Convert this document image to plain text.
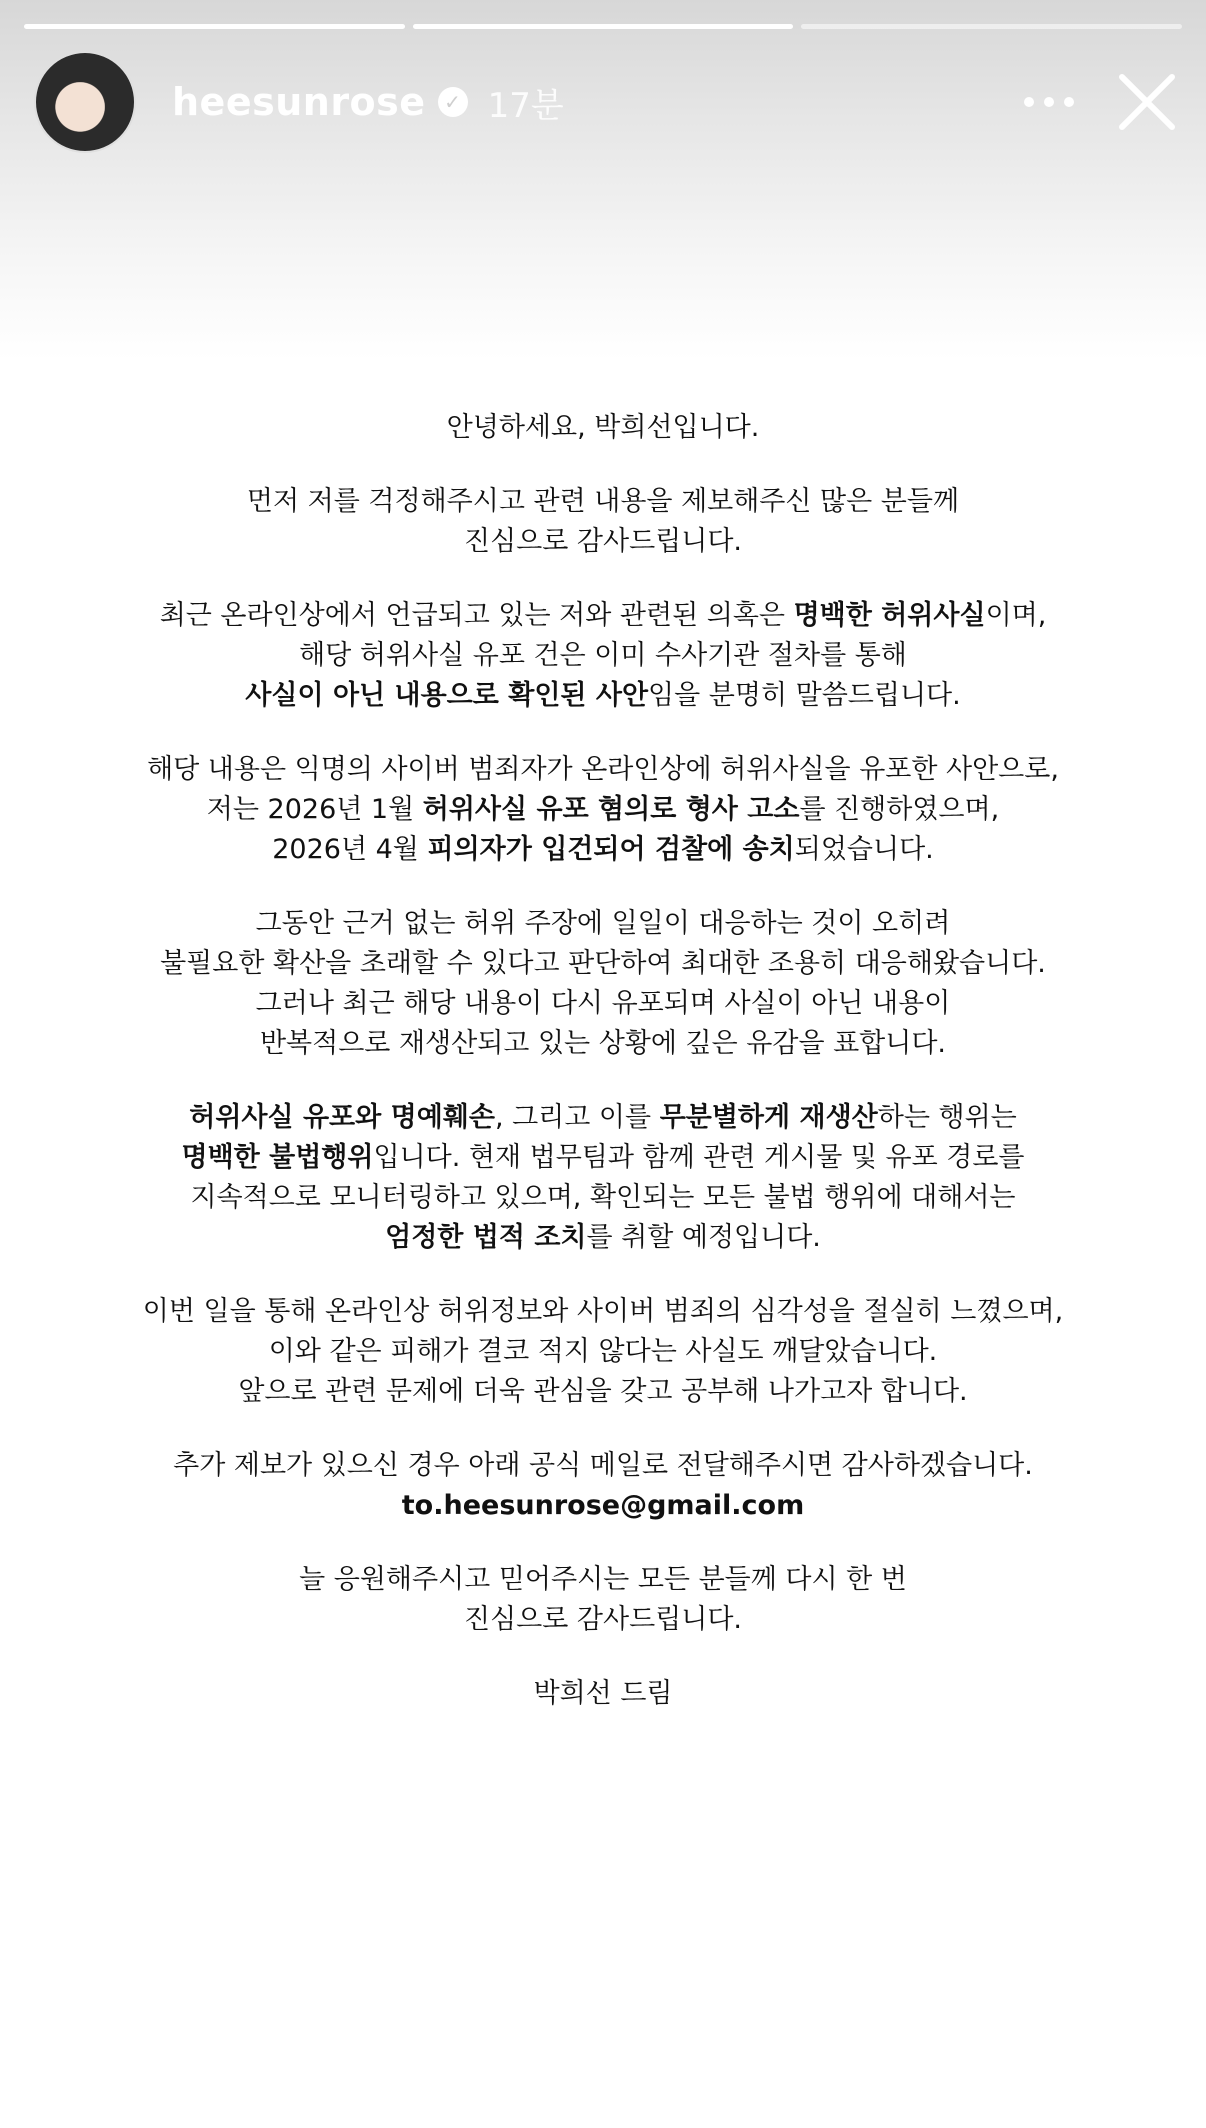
heesunrose ✓ 17분
안녕하세요, 박희선입니다.
먼저 저를 걱정해주시고 관련 내용을 제보해주신 많은 분들께
진심으로 감사드립니다.
최근 온라인상에서 언급되고 있는 저와 관련된 의혹은 명백한 허위사실이며,
해당 허위사실 유포 건은 이미 수사기관 절차를 통해
사실이 아닌 내용으로 확인된 사안임을 분명히 말씀드립니다.
해당 내용은 익명의 사이버 범죄자가 온라인상에 허위사실을 유포한 사안으로,
저는 2026년 1월 허위사실 유포 혐의로 형사 고소를 진행하였으며,
2026년 4월 피의자가 입건되어 검찰에 송치되었습니다.
그동안 근거 없는 허위 주장에 일일이 대응하는 것이 오히려
불필요한 확산을 초래할 수 있다고 판단하여 최대한 조용히 대응해왔습니다.
그러나 최근 해당 내용이 다시 유포되며 사실이 아닌 내용이
반복적으로 재생산되고 있는 상황에 깊은 유감을 표합니다.
허위사실 유포와 명예훼손, 그리고 이를 무분별하게 재생산하는 행위는
명백한 불법행위입니다. 현재 법무팀과 함께 관련 게시물 및 유포 경로를
지속적으로 모니터링하고 있으며, 확인되는 모든 불법 행위에 대해서는
엄정한 법적 조치를 취할 예정입니다.
이번 일을 통해 온라인상 허위정보와 사이버 범죄의 심각성을 절실히 느꼈으며,
이와 같은 피해가 결코 적지 않다는 사실도 깨달았습니다.
앞으로 관련 문제에 더욱 관심을 갖고 공부해 나가고자 합니다.
추가 제보가 있으신 경우 아래 공식 메일로 전달해주시면 감사하겠습니다.
to.heesunrose@gmail.com
늘 응원해주시고 믿어주시는 모든 분들께 다시 한 번
진심으로 감사드립니다.
박희선 드림
